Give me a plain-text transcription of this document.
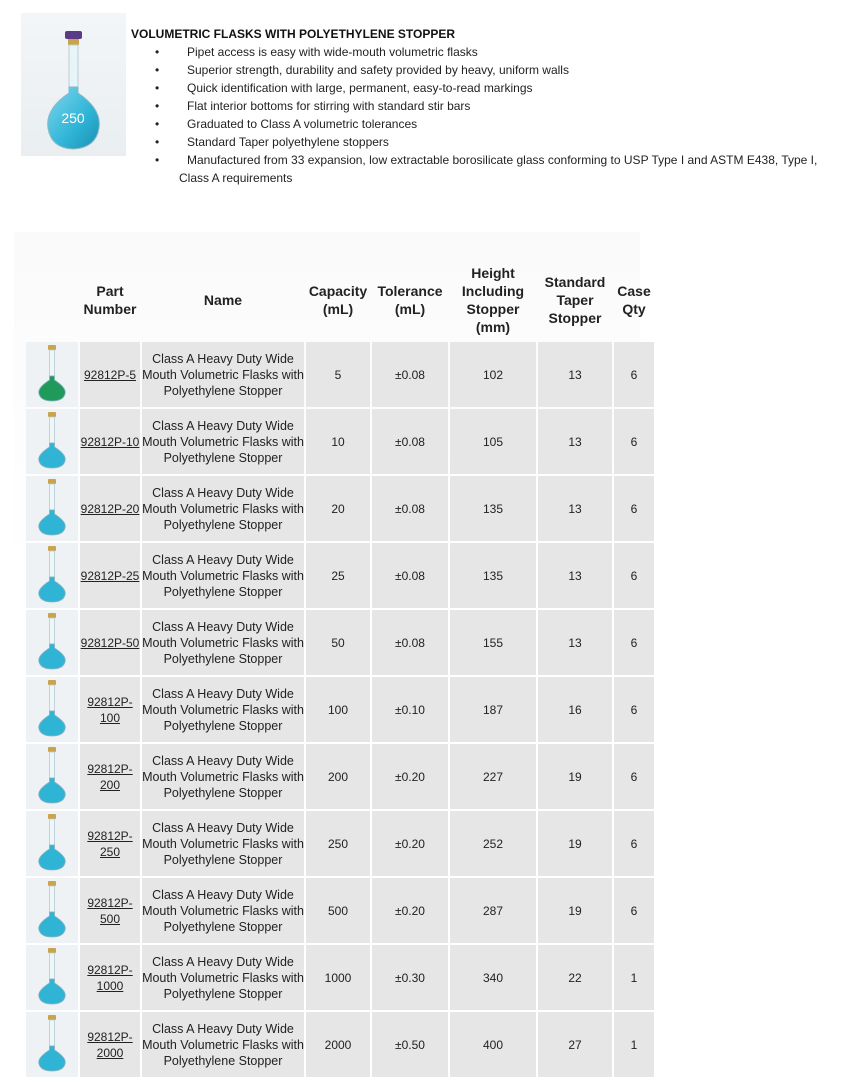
250
VOLUMETRIC FLASKS WITH POLYETHYLENE STOPPER
• Pipet access is easy with wide-mouth volumetric flasks
• Superior strength, durability and safety provided by heavy, uniform walls
• Quick identification with large, permanent, easy-to-read markings
• Flat interior bottoms for stirring with standard stir bars
• Graduated to Class A volumetric tolerances
• Standard Taper polyethylene stoppers
• Manufactured from 33 expansion, low extractable borosilicate glass conforming to USP Type I and ASTM E438, Type I, Class A requirements
	Part Number	Name	Capacity (mL)	Tolerance (mL)	Height Including Stopper (mm)	Standard Taper Stopper	Case Qty
	92812P-5	Class A Heavy Duty Wide Mouth Volumetric Flasks with Polyethylene Stopper	5	±0.08	102	13	6
	92812P-10	Class A Heavy Duty Wide Mouth Volumetric Flasks with Polyethylene Stopper	10	±0.08	105	13	6
	92812P-20	Class A Heavy Duty Wide Mouth Volumetric Flasks with Polyethylene Stopper	20	±0.08	135	13	6
	92812P-25	Class A Heavy Duty Wide Mouth Volumetric Flasks with Polyethylene Stopper	25	±0.08	135	13	6
	92812P-50	Class A Heavy Duty Wide Mouth Volumetric Flasks with Polyethylene Stopper	50	±0.08	155	13	6
	92812P-100	Class A Heavy Duty Wide Mouth Volumetric Flasks with Polyethylene Stopper	100	±0.10	187	16	6
	92812P-200	Class A Heavy Duty Wide Mouth Volumetric Flasks with Polyethylene Stopper	200	±0.20	227	19	6
	92812P-250	Class A Heavy Duty Wide Mouth Volumetric Flasks with Polyethylene Stopper	250	±0.20	252	19	6
	92812P-500	Class A Heavy Duty Wide Mouth Volumetric Flasks with Polyethylene Stopper	500	±0.20	287	19	6
	92812P-1000	Class A Heavy Duty Wide Mouth Volumetric Flasks with Polyethylene Stopper	1000	±0.30	340	22	1
	92812P-2000	Class A Heavy Duty Wide Mouth Volumetric Flasks with Polyethylene Stopper	2000	±0.50	400	27	1
